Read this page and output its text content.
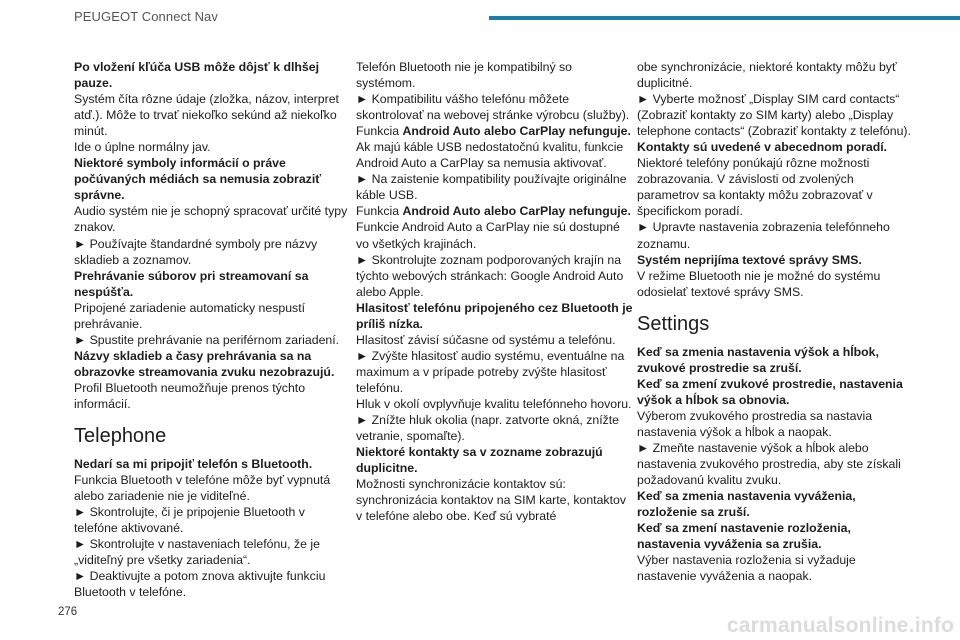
PEUGEOT Connect Nav

Po vložení kľúča USB môže dôjsť k dlhšej pauze.

Systém číta rôzne údaje (zložka, názov, interpret atď.). Môže to trvať niekoľko sekúnd až niekoľko minút.

Ide o úplne normálny jav.

Niektoré symboly informácií o práve počúvaných médiách sa nemusia zobraziť správne.

Audio systém nie je schopný spracovať určité typy znakov.

► Používajte štandardné symboly pre názvy skladieb a zoznamov.

Prehrávanie súborov pri streamovaní sa nespúšťa.

Pripojené zariadenie automaticky nespustí prehrávanie.

► Spustite prehrávanie na periférnom zariadení.

Názvy skladieb a časy prehrávania sa na obrazovke streamovania zvuku nezobrazujú.

Profil Bluetooth neumožňuje prenos týchto informácií.

Telephone

Nedarí sa mi pripojiť telefón s Bluetooth.

Funkcia Bluetooth v telefóne môže byť vypnutá alebo zariadenie nie je viditeľné.

► Skontrolujte, či je pripojenie Bluetooth v telefóne aktivované.

► Skontrolujte v nastaveniach telefónu, že je „viditeľný pre všetky zariadenia“.

► Deaktivujte a potom znova aktivujte funkciu Bluetooth v telefóne.

Telefón Bluetooth nie je kompatibilný so systémom.

► Kompatibilitu vášho telefónu môžete skontrolovať na webovej stránke výrobcu (služby).

Funkcia Android Auto alebo CarPlay nefunguje.

Ak majú káble USB nedostatočnú kvalitu, funkcie Android Auto a CarPlay sa nemusia aktivovať.

► Na zaistenie kompatibility používajte originálne káble USB.

Funkcia Android Auto alebo CarPlay nefunguje.

Funkcie Android Auto a CarPlay nie sú dostupné vo všetkých krajinách.

► Skontrolujte zoznam podporovaných krajín na týchto webových stránkach: Google Android Auto alebo Apple.

Hlasitosť telefónu pripojeného cez Bluetooth je príliš nízka.

Hlasitosť závisí súčasne od systému a telefónu.

► Zvýšte hlasitosť audio systému, eventuálne na maximum a v prípade potreby zvýšte hlasitosť telefónu.

Hluk v okolí ovplyvňuje kvalitu telefónneho hovoru.

► Znížte hluk okolia (napr. zatvorte okná, znížte vetranie, spomaľte).

Niektoré kontakty sa v zozname zobrazujú duplicitne.

Možnosti synchronizácie kontaktov sú: synchronizácia kontaktov na SIM karte, kontaktov v telefóne alebo obe. Keď sú vybraté

obe synchronizácie, niektoré kontakty môžu byť duplicitné.

► Vyberte možnosť „Display SIM card contacts“ (Zobraziť kontakty zo SIM karty) alebo „Display telephone contacts“ (Zobraziť kontakty z telefónu).

Kontakty sú uvedené v abecednom poradí.

Niektoré telefóny ponúkajú rôzne možnosti zobrazovania. V závislosti od zvolených parametrov sa kontakty môžu zobrazovať v špecifickom poradí.

► Upravte nastavenia zobrazenia telefónneho zoznamu.

Systém neprijíma textové správy SMS.

V režime Bluetooth nie je možné do systému odosielať textové správy SMS.

Settings

Keď sa zmenia nastavenia výšok a hĺbok, zvukové prostredie sa zruší.

Keď sa zmení zvukové prostredie, nastavenia výšok a hĺbok sa obnovia.

Výberom zvukového prostredia sa nastavia nastavenia výšok a hĺbok a naopak.

► Zmeňte nastavenie výšok a hĺbok alebo nastavenia zvukového prostredia, aby ste získali požadovanú kvalitu zvuku.

Keď sa zmenia nastavenia vyváženia, rozloženie sa zruší.

Keď sa zmení nastavenie rozloženia, nastavenia vyváženia sa zrušia.

Výber nastavenia rozloženia si vyžaduje nastavenie vyváženia a naopak.

276
carmanualsonline.info
